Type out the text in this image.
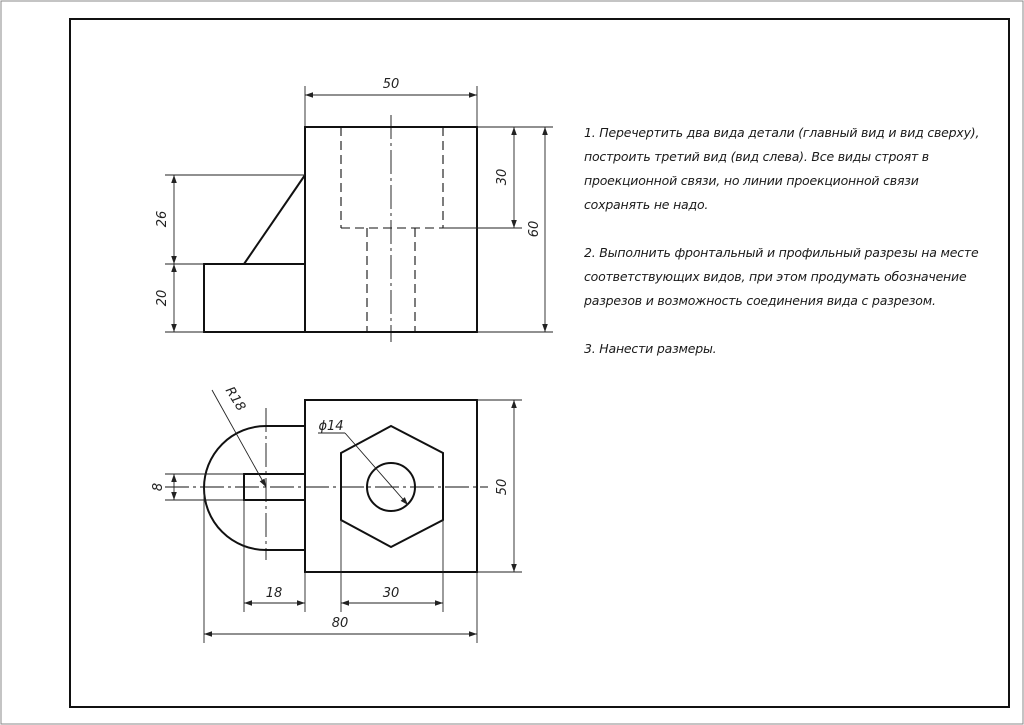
50
30
60
26
20
R18
ϕ14
8	50
18	30
80

1. Перечертить два вида детали (главный вид и вид сверху), построить третий вид (вид слева). Все виды строят в проекционной связи, но линии проекционной связи сохранять не надо.

2. Выполнить фронтальный и профильный разрезы на месте соответствующих видов, при этом продумать обозначение разрезов и возможность соединения вида с разрезом.

3. Нанести размеры.
